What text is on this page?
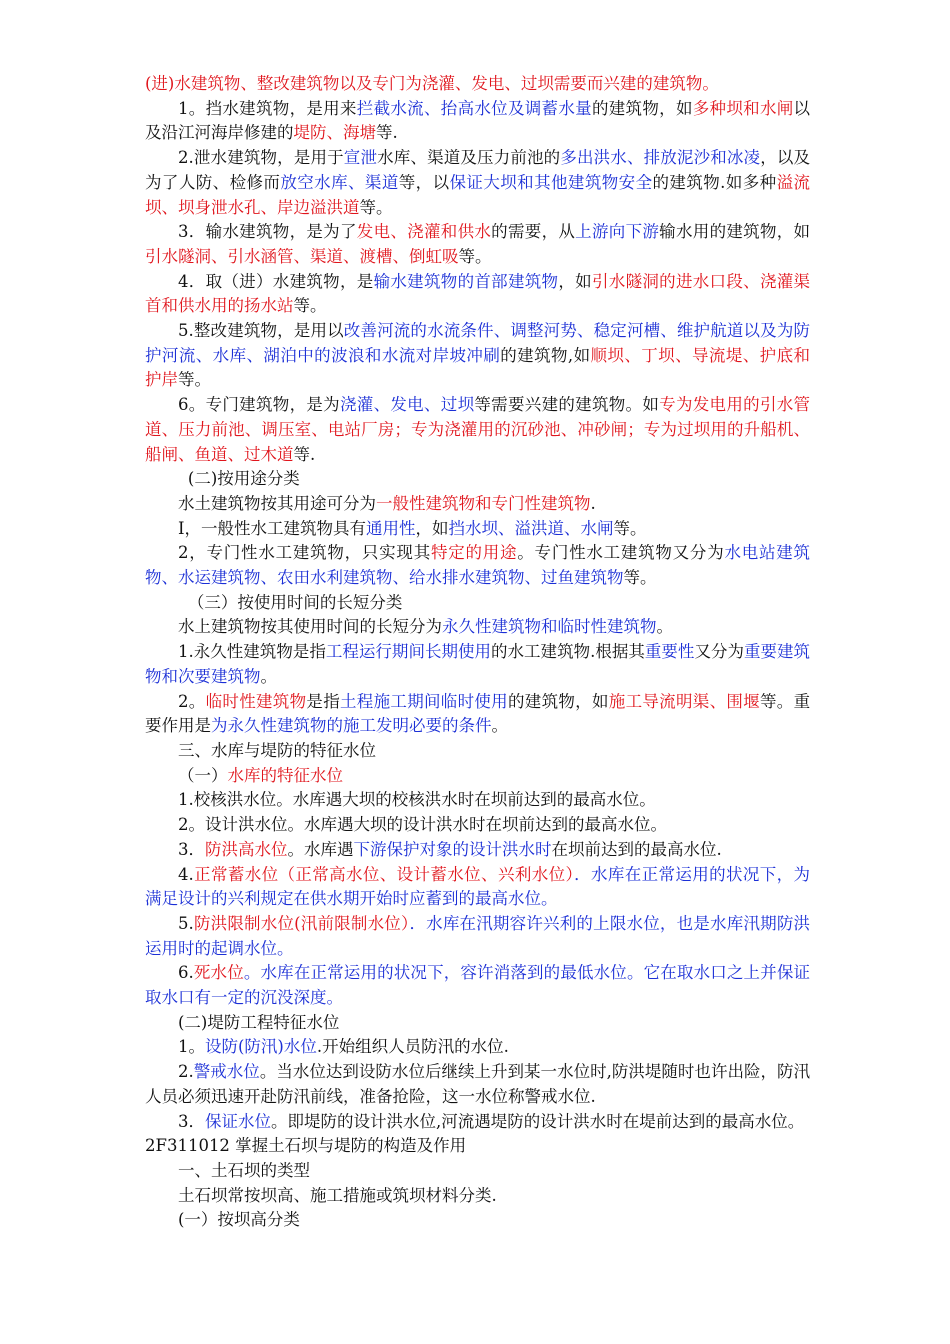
(进)水建筑物、整改建筑物以及专门为浇灌、发电、过坝需要而兴建的建筑物。

1。挡水建筑物，是用来拦截水流、抬高水位及调蓄水量的建筑物，如多种坝和水闸以及沿江河海岸修建的堤防、海塘等.

2.泄水建筑物，是用于宣泄水库、渠道及压力前池的多出洪水、排放泥沙和冰凌，以及为了人防、检修而放空水库、渠道等，以保证大坝和其他建筑物安全的建筑物.如多种溢流坝、坝身泄水孔、岸边溢洪道等。

3．输水建筑物，是为了发电、浇灌和供水的需要，从上游向下游输水用的建筑物，如引水隧洞、引水涵管、渠道、渡槽、倒虹吸等。

4．取（进）水建筑物，是输水建筑物的首部建筑物，如引水隧洞的进水口段、浇灌渠首和供水用的扬水站等。

5.整改建筑物，是用以改善河流的水流条件、调整河势、稳定河槽、维护航道以及为防护河流、水库、湖泊中的波浪和水流对岸坡冲刷的建筑物,如顺坝、丁坝、导流堤、护底和护岸等。

6。专门建筑物，是为浇灌、发电、过坝等需要兴建的建筑物。如专为发电用的引水管道、压力前池、调压室、电站厂房；专为浇灌用的沉砂池、冲砂闸；专为过坝用的升船机、船闸、鱼道、过木道等.

(二)按用途分类

水土建筑物按其用途可分为一般性建筑物和专门性建筑物.

I，一般性水工建筑物具有通用性，如挡水坝、溢洪道、水闸等。

2，专门性水工建筑物，只实现其特定的用途。专门性水工建筑物又分为水电站建筑物、水运建筑物、农田水利建筑物、给水排水建筑物、过鱼建筑物等。

（三）按使用时间的长短分类

水上建筑物按其使用时间的长短分为永久性建筑物和临时性建筑物。

1.永久性建筑物是指工程运行期间长期使用的水工建筑物.根据其重要性又分为重要建筑物和次要建筑物。

2。临时性建筑物是指土程施工期间临时使用的建筑物，如施工导流明渠、围堰等。重要作用是为永久性建筑物的施工发明必要的条件。

三、水库与堤防的特征水位

（一）水库的特征水位

1.校核洪水位。水库遇大坝的校核洪水时在坝前达到的最高水位。

2。设计洪水位。水库遇大坝的设计洪水时在坝前达到的最高水位。

3．防洪高水位。水库遇下游保护对象的设计洪水时在坝前达到的最高水位.

4.正常蓄水位（正常高水位、设计蓄水位、兴利水位）．水库在正常运用的状况下，为满足设计的兴利规定在供水期开始时应蓄到的最高水位。

5.防洪限制水位(汛前限制水位）．水库在汛期容许兴利的上限水位，也是水库汛期防洪运用时的起调水位。

6.死水位。水库在正常运用的状况下，容许消落到的最低水位。它在取水口之上并保证取水口有一定的沉没深度。

(二)堤防工程特征水位

1。设防(防汛)水位.开始组织人员防汛的水位.

2.警戒水位。当水位达到设防水位后继续上升到某一水位时,防洪堤随时也许出险，防汛人员必须迅速开赴防汛前线，准备抢险，这一水位称警戒水位.

3．保证水位。即堤防的设计洪水位,河流遇堤防的设计洪水时在堤前达到的最高水位。

2F311012 掌握土石坝与堤防的构造及作用

一、土石坝的类型

土石坝常按坝高、施工措施或筑坝材料分类.

(一）按坝高分类
